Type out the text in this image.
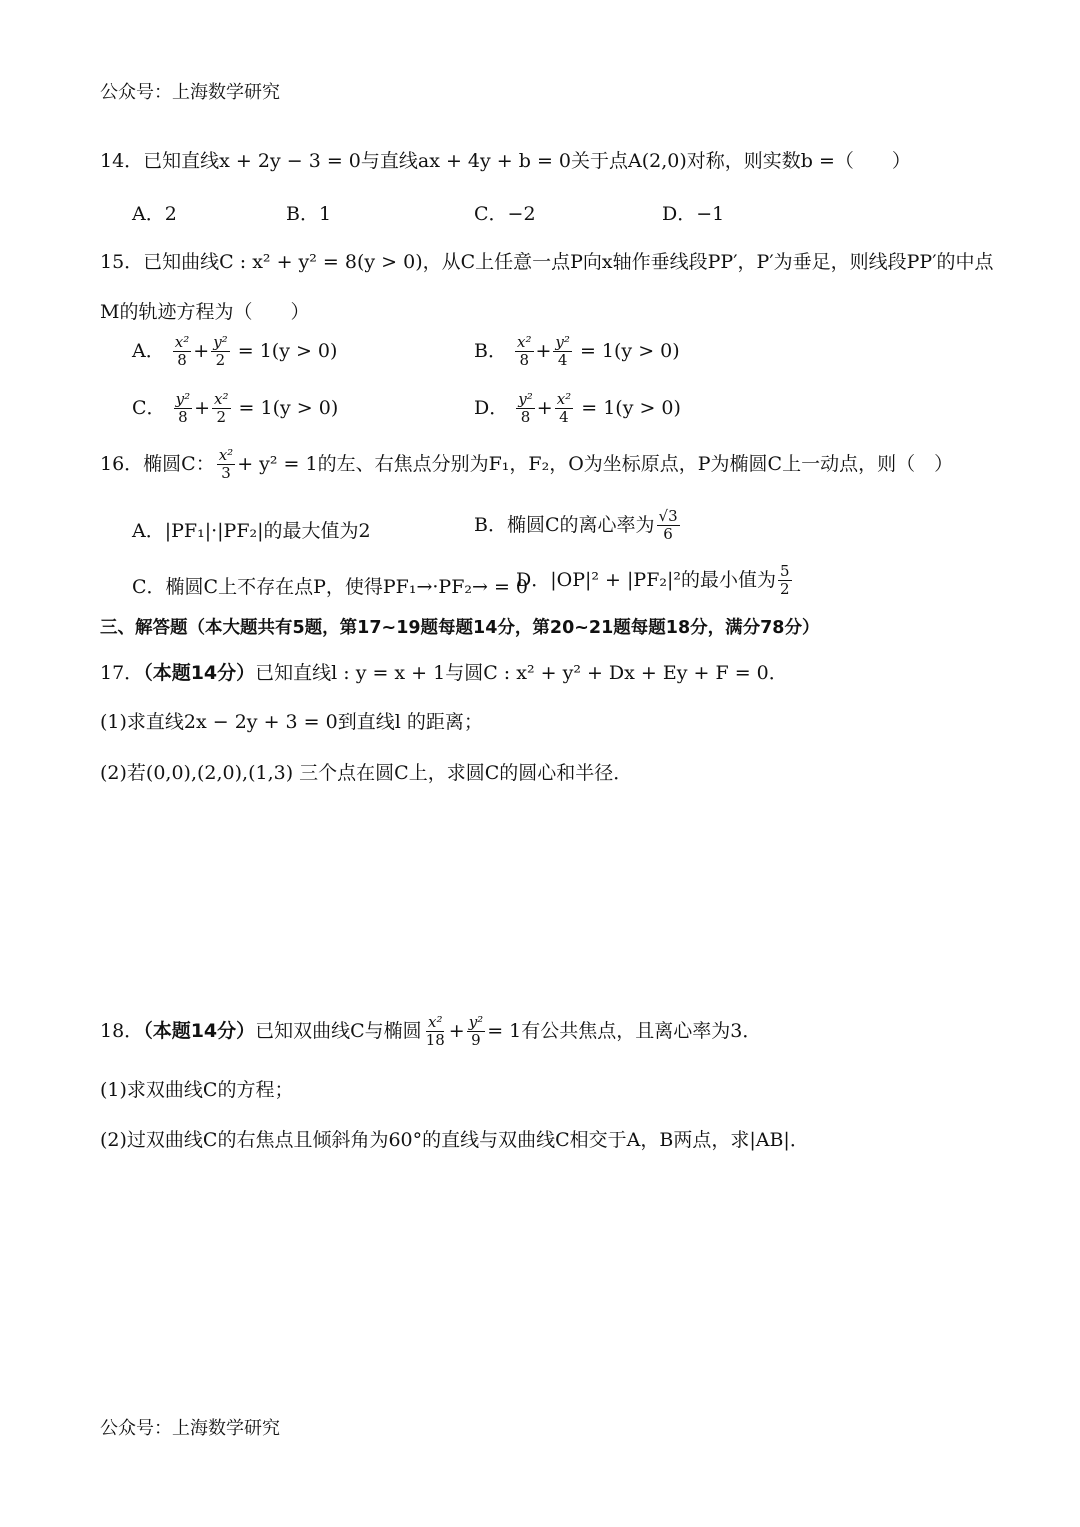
公众号：上海数学研究
14．已知直线x + 2y − 3 = 0与直线ax + 4y + b = 0关于点A(2,0)对称，则实数b =（　　）
A．2	B．1	C．−2	D．−1
15．已知曲线C : x² + y² = 8(y > 0)，从C上任意一点P向x轴作垂线段PP′，P′为垂足，则线段PP′的中点
M的轨迹方程为（　　）
A． $\frac{\text{x²}}{8} + \frac{\text{y²}}{2} = 1(y > 0)$	B． $\frac{\text{x²}}{8} + \frac{\text{y²}}{4} = 1(y > 0)$
C． $\frac{\text{y²}}{8} + \frac{\text{x²}}{2} = 1(y > 0)$	D． $\frac{\text{y²}}{8} + \frac{\text{x²}}{4} = 1(y > 0)$
16．椭圆C： $\frac{\text{x²}}{3} + y^2 = 1$的左、右焦点分别为F₁，F₂，O为坐标原点，P为椭圆C上一动点，则（　）
A．|PF₁|·|PF₂|的最大值为2	B．椭圆C的离心率为 $\frac{√3}{6}$
C．椭圆C上不存在点P，使得PF₁→·PF₂→ = 0
D．|OP|² + |PF₂|²的最小值为 $\frac{5}{2}$
三、解答题（本大题共有5题，第17~19题每题14分，第20~21题每题18分，满分78分）
17．（本题14分）已知直线l : y = x + 1与圆C : x² + y² + Dx + Ey + F = 0．
(1)求直线2x − 2y + 3 = 0到直线l 的距离；
(2)若(0,0),(2,0),(1,3) 三个点在圆C上，求圆C的圆心和半径．
18．（本题14分）已知双曲线C与椭圆 $\frac{\text{x²}}{18} + \frac{\text{y²}}{9} = 1$有公共焦点，且离心率为3．
(1)求双曲线C的方程；
(2)过双曲线C的右焦点且倾斜角为60°的直线与双曲线C相交于A，B两点，求|AB|．
公众号：上海数学研究
